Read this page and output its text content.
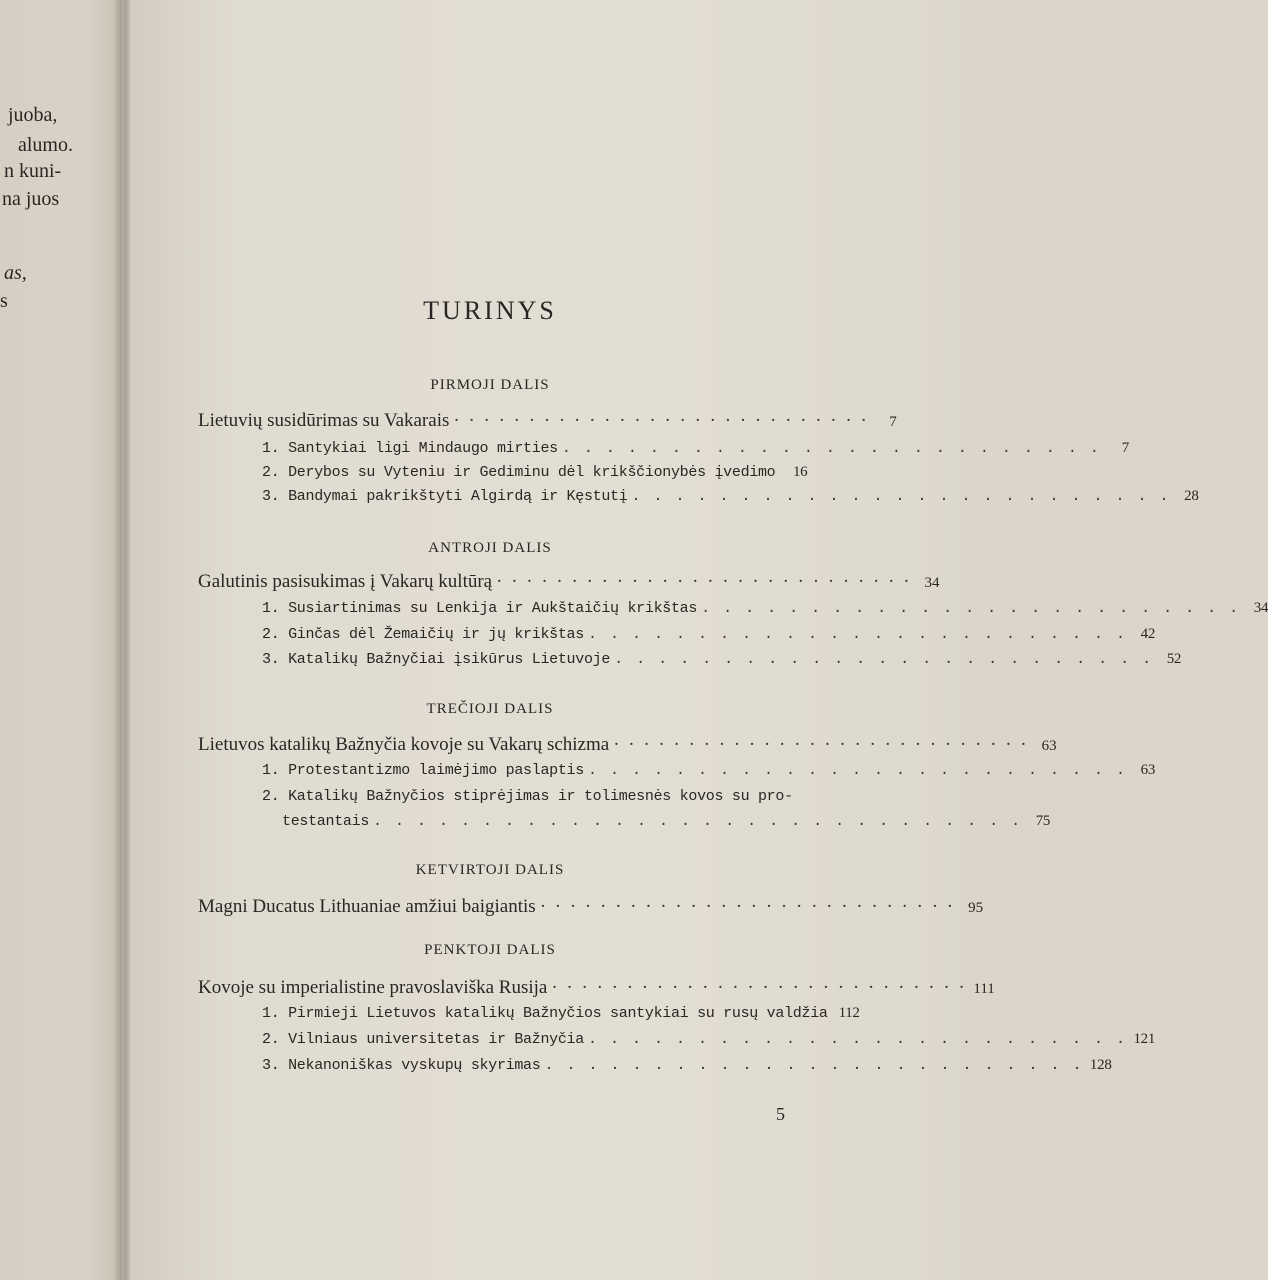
juoba,
alumo.
n kuni-
na juos
as,
s	TURINYS
PIRMOJI DALIS
Lietuvių susidūrimas su Vakarais · · · · · · · · · · · · · · · · · · · · · · · · · · · ·	7
1. Santykiai ligi Mindaugo mirties . . . . . . . . . . . . . . . . . . . . . . . . .	7
2. Derybos su Vyteniu ir Gediminu dėl krikščionybės įvedimo	16
3. Bandymai pakrikštyti Algirdą ir Kęstutį . . . . . . . . . . . . . . . . . . . . . . . . . 28
ANTROJI DALIS
Galutinis pasisukimas į Vakarų kultūrą · · · · · · · · · · · · · · · · · · · · · · · · · · · · 34
1. Susiartinimas su Lenkija ir Aukštaičių krikštas . . . . . . . . . . . . . . . . . . . . . . . . . 34
2. Ginčas dėl Žemaičių ir jų krikštas . . . . . . . . . . . . . . . . . . . . . . . . . 42
3. Katalikų Bažnyčiai įsikūrus Lietuvoje . . . . . . . . . . . . . . . . . . . . . . . . . 52
TREČIOJI DALIS
Lietuvos katalikų Bažnyčia kovoje su Vakarų schizma · · · · · · · · · · · · · · · · · · · · · · · · · · · · 63
1. Protestantizmo laimėjimo paslaptis . . . . . . . . . . . . . . . . . . . . . . . . . 63
2. Katalikų Bažnyčios stiprėjimas ir tolimesnės kovos su pro-
testantais . . . . . . . . . . . . . . . . . . . . . . . . . . . . . . 75
KETVIRTOJI DALIS
Magni Ducatus Lithuaniae amžiui baigiantis · · · · · · · · · · · · · · · · · · · · · · · · · · · · 95
PENKTOJI DALIS
Kovoje su imperialistine pravoslaviška Rusija · · · · · · · · · · · · · · · · · · · · · · · · · · · · 111
1. Pirmieji Lietuvos katalikų Bažnyčios santykiai su rusų valdžia 112
2. Vilniaus universitetas ir Bažnyčia . . . . . . . . . . . . . . . . . . . . . . . . . 121
3. Nekanoniškas vyskupų skyrimas . . . . . . . . . . . . . . . . . . . . . . . . . 128
5
